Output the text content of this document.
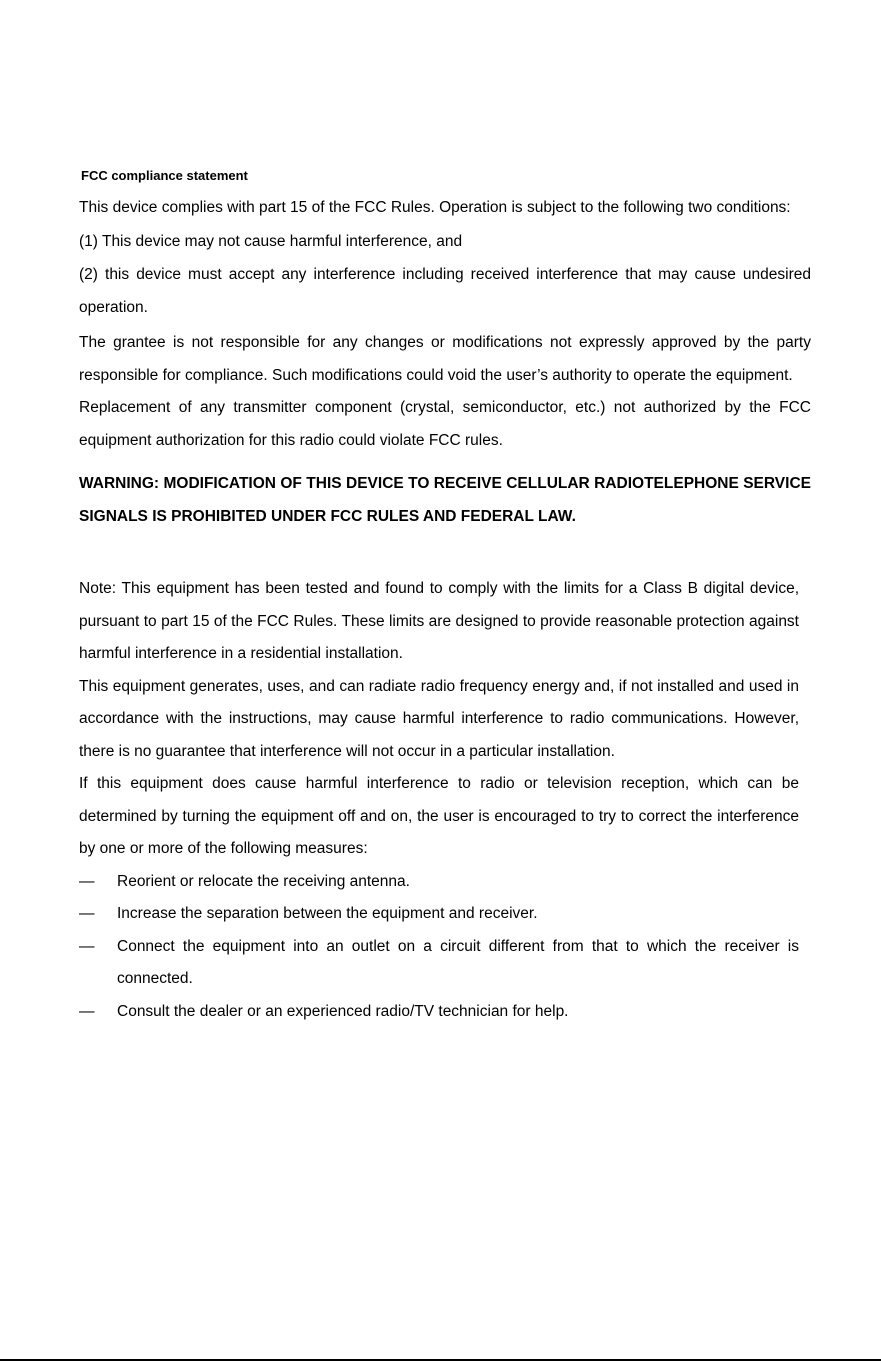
FCC compliance statement

This device complies with part 15 of the FCC Rules. Operation is subject to the following two conditions:

(1) This device may not cause harmful interference, and

(2) this device must accept any interference including received interference that may cause undesired operation.

The grantee is not responsible for any changes or modifications not expressly approved by the party responsible for compliance. Such modifications could void the user’s authority to operate the equipment.

Replacement of any transmitter component (crystal, semiconductor, etc.) not authorized by the FCC equipment authorization for this radio could violate FCC rules.

WARNING: MODIFICATION OF THIS DEVICE TO RECEIVE CELLULAR RADIOTELEPHONE SERVICE SIGNALS IS PROHIBITED UNDER FCC RULES AND FEDERAL LAW.

Note: This equipment has been tested and found to comply with the limits for a Class B digital device, pursuant to part 15 of the FCC Rules. These limits are designed to provide reasonable protection against harmful interference in a residential installation.

This equipment generates, uses, and can radiate radio frequency energy and, if not installed and used in accordance with the instructions, may cause harmful interference to radio communications. However, there is no guarantee that interference will not occur in a particular installation.

If this equipment does cause harmful interference to radio or television reception, which can be determined by turning the equipment off and on, the user is encouraged to try to correct the interference by one or more of the following measures:

— Reorient or relocate the receiving antenna.
— Increase the separation between the equipment and receiver.
— Connect the equipment into an outlet on a circuit different from that to which the receiver is connected.
— Consult the dealer or an experienced radio/TV technician for help.
